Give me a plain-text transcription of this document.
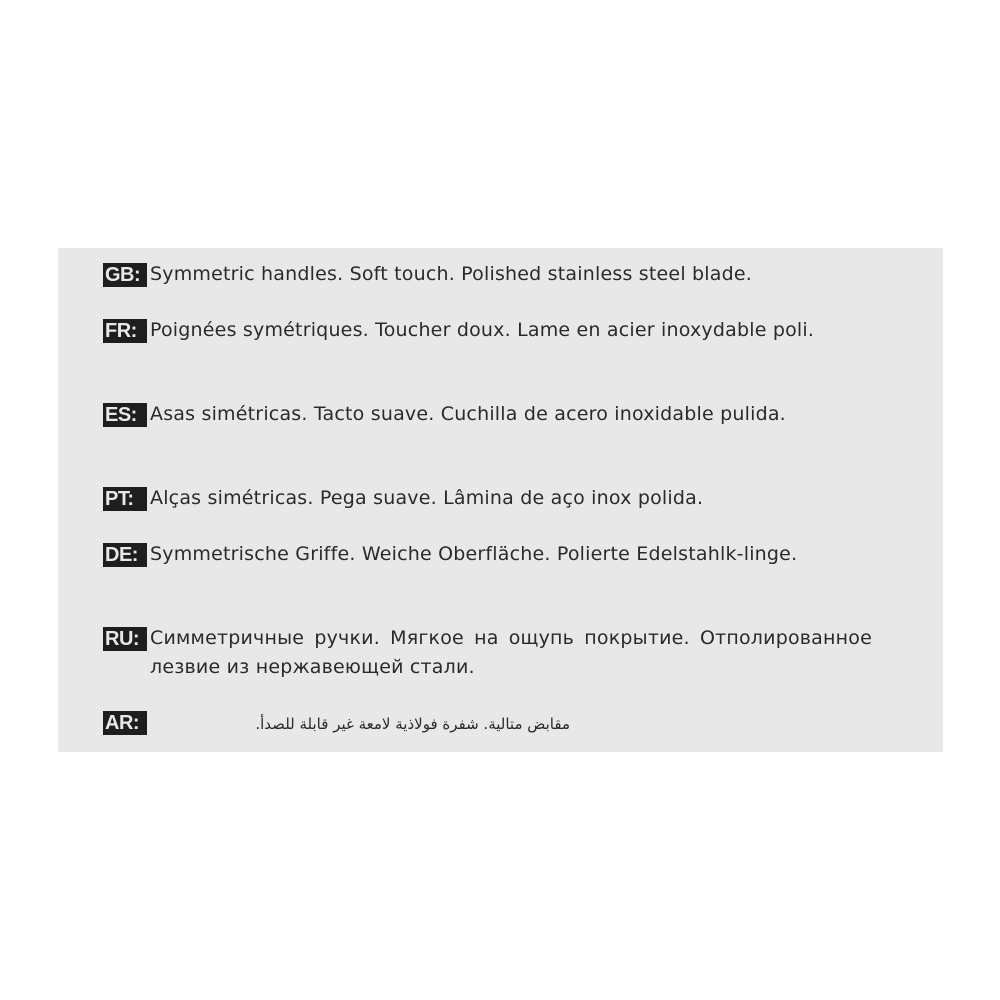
GB: Symmetric handles. Soft touch. Polished stainless steel blade.
FR: Poignées symétriques. Toucher doux. Lame en acier inoxydable poli.
ES: Asas simétricas. Tacto suave. Cuchilla de acero inoxidable pulida.
PT: Alças simétricas. Pega suave. Lâmina de aço inox polida.
DE: Symmetrische Griffe. Weiche Oberfläche. Polierte Edelstahlk-linge.
RU: Симметричные ручки. Мягкое на ощупь покрытие. Отполированное лезвие из нержавеющей стали.
AR:	مقابض متالية. شفرة فولاذية لامعة غير قابلة للصدأ.
